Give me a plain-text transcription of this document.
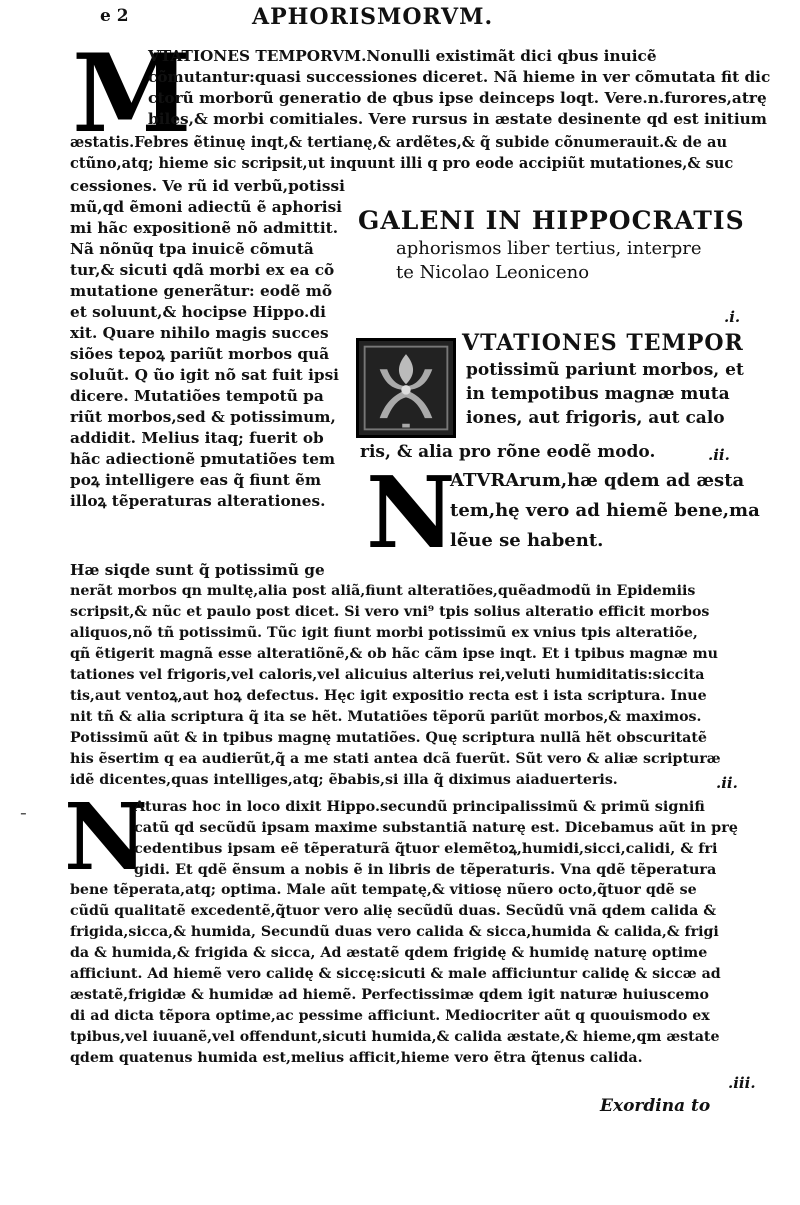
e 2	APHORISMORVM.
M
VTATIONES TEMPORVM.Nonulli existimãt dici qbus inuicẽ
cõmutantur:quasi successiones diceret. Nã hieme in ver cõmutata fit dic
ctorũ morborũ generatio de qbus ipse deinceps loqt. Vere.n.furores,atrę
biles,& morbi comitiales. Vere rursus in æstate desinente qd est initium
æstatis.Febres ẽtinuę inqt,& tertianę,& ardẽtes,& q̃ subide cõnumerauit.& de au
ctũno,atq; hieme sic scripsit,ut inquunt illi q pro eode accipiũt mutationes,& suc
cessiones. Ve rũ id verbũ,potissi
mũ,qd ẽmoni adiectũ ẽ aphorisi
mi hãc expositionẽ nõ admittit.
Nã nõnũq tpa inuicẽ cõmutã
tur,& sicuti qdã morbi ex ea cõ
mutatione generãtur: eodẽ mõ
et soluunt,& hocipse Hippo.di
xit. Quare nihilo magis succes
siões tepoꝝ pariũt morbos quã
soluũt. Q ũo igit nõ sat fuit ipsi
dicere. Mutatiões tempotũ pa
riũt morbos,sed & potissimum,
addidit. Melius itaq; fuerit ob
hãc adiectionẽ pmutatiões tem
poꝝ intelligere eas q̃ fiunt ẽm
illoꝝ tẽperaturas alterationes.
GALENI IN HIPPOCRATIS
aphorismos liber tertius, interpre
te Nicolao Leoniceno
.i.
VTATIONES TEMPOR
potissimũ pariunt morbos, et
in tempotibus magnæ muta
iones, aut frigoris, aut calo
ris, & alia pro rõne eodẽ modo.	.ii.
N
ATVRArum,hæ qdem ad æsta
tem,hę vero ad hiemẽ bene,ma
lẽue se habent.
Hæ siqde sunt q̃ potissimũ ge
nerãt morbos qn multę,alia post aliã,fiunt alteratiões,quẽadmodũ in Epidemiis
scripsit,& nũc et paulo post dicet. Si vero vni⁹ tpis solius alteratio efficit morbos
aliquos,nõ tñ potissimũ. Tũc igit fiunt morbi potissimũ ex vnius tpis alteratiõe,
qñ ẽtigerit magnã esse alteratiõnẽ,& ob hãc cãm ipse inqt. Et i tpibus magnæ mu
tationes vel frigoris,vel caloris,vel alicuius alterius rei,veluti humiditatis:siccita
tis,aut ventoꝝ,aut hoꝝ defectus. Hęc igit expositio recta est i ista scriptura. Inue
nit tñ & alia scriptura q̃ ita se hẽt. Mutatiões tẽporũ pariũt morbos,& maximos.
Potissimũ aũt & in tpibus magnę mutatiões. Quę scriptura nullã hẽt obscuritatẽ
his ẽsertim q ea audierũt,q̃ a me stati antea dcã fuerũt. Sũt vero & aliæ scripturæ
idẽ dicentes,quas intelliges,atq; ẽbabis,si illa q̃ diximus aiaduerteris.	.ii.
- N
Aturas hoc in loco dixit Hippo.secundũ principalissimũ & primũ signifi
catũ qd secũdũ ipsam maxime substantiã naturę est. Dicebamus aũt in prę
cedentibus ipsam eẽ tẽperaturã q̃tuor elemẽtoꝝ,humidi,sicci,calidi, & fri
gidi. Et qdẽ ẽnsum a nobis ẽ in libris de tẽperaturis. Vna qdẽ tẽperatura
bene tẽperata,atq; optima. Male aũt tempatę,& vitiosę nũero octo,q̃tuor qdẽ se
cũdũ qualitatẽ excedentẽ,q̃tuor vero alię secũdũ duas. Secũdũ vnã qdem calida &
frigida,sicca,& humida, Secundũ duas vero calida & sicca,humida & calida,& frigi
da & humida,& frigida & sicca, Ad æstatẽ qdem frigidę & humidę naturę optime
afficiunt. Ad hiemẽ vero calidę & siccę:sicuti & male afficiuntur calidę & siccæ ad
æstatẽ,frigidæ & humidæ ad hiemẽ. Perfectissimæ qdem igit naturæ huiuscemo
di ad dicta tẽpora optime,ac pessime afficiunt. Mediocriter aũt q quouismodo ex
tpibus,vel iuuanẽ,vel offendunt,sicuti humida,& calida æstate,& hieme,qm æstate
qdem quatenus humida est,melius afficit,hieme vero ẽtra q̃tenus calida.
.iii.
Exordina to
